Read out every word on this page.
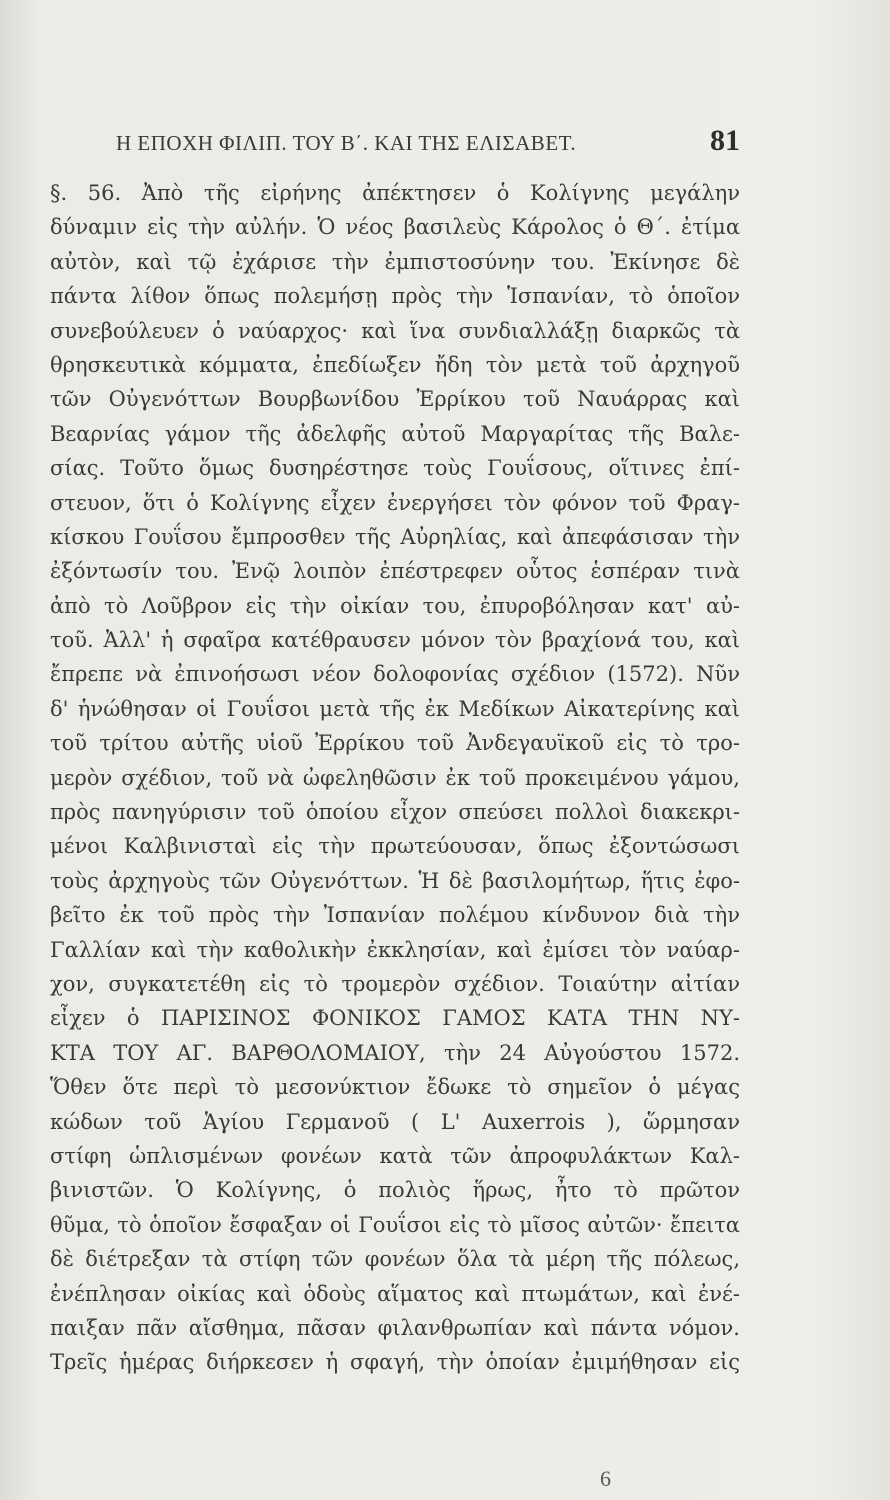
Η ΕΠΟΧΗ ΦΙΛΙΠ. ΤΟΥ Β΄. ΚΑΙ ΤΗΣ ΕΛΙΣΑΒΕΤ.	81
§. 56. Ἀπὸ τῆς εἰρήνης ἀπέκτησεν ὁ Κολίγνης μεγάλην
δύναμιν εἰς τὴν αὐλήν. Ὁ νέος βασιλεὺς Κάρολος ὁ Θ΄. ἐτίμα
αὐτὸν, καὶ τῷ ἐχάρισε τὴν ἐμπιστοσύνην του. Ἐκίνησε δὲ
πάντα λίθον ὅπως πολεμήσῃ πρὸς τὴν Ἱσπανίαν, τὸ ὁποῖον
συνεβούλευεν ὁ ναύαρχος· καὶ ἵνα συνδιαλλάξῃ διαρκῶς τὰ
θρησκευτικὰ κόμματα, ἐπεδίωξεν ἤδη τὸν μετὰ τοῦ ἀρχηγοῦ
τῶν Οὐγενόττων Βουρβωνίδου Ἐρρίκου τοῦ Ναυάρρας καὶ
Βεαρνίας γάμον τῆς ἀδελφῆς αὐτοῦ Μαργαρίτας τῆς Βαλε-
σίας. Τοῦτο ὅμως δυσηρέστησε τοὺς Γουΐσους, οἵτινες ἐπί-
στευον, ὅτι ὁ Κολίγνης εἶχεν ἐνεργήσει τὸν φόνον τοῦ Φραγ-
κίσκου Γουΐσου ἔμπροσθεν τῆς Αὐρηλίας, καὶ ἀπεφάσισαν τὴν
ἐξόντωσίν του. Ἐνῷ λοιπὸν ἐπέστρεφεν οὗτος ἑσπέραν τινὰ
ἀπὸ τὸ Λοῦβρον εἰς τὴν οἰκίαν του, ἐπυροβόλησαν κατ' αὐ-
τοῦ. Ἀλλ' ἡ σφαῖρα κατέθραυσεν μόνον τὸν βραχίονά του, καὶ
ἔπρεπε νὰ ἐπινοήσωσι νέον δολοφονίας σχέδιον (1572). Νῦν
δ' ἡνώθησαν οἱ Γουΐσοι μετὰ τῆς ἐκ Μεδίκων Αἰκατερίνης καὶ
τοῦ τρίτου αὐτῆς υἱοῦ Ἐρρίκου τοῦ Ἀνδεγαυϊκοῦ εἰς τὸ τρο-
μερὸν σχέδιον, τοῦ νὰ ὠφεληθῶσιν ἐκ τοῦ προκειμένου γάμου,
πρὸς πανηγύρισιν τοῦ ὁποίου εἶχον σπεύσει πολλοὶ διακεκρι-
μένοι Καλβινισταὶ εἰς τὴν πρωτεύουσαν, ὅπως ἐξοντώσωσι
τοὺς ἀρχηγοὺς τῶν Οὐγενόττων. Ἡ δὲ βασιλομήτωρ, ἥτις ἐφο-
βεῖτο ἐκ τοῦ πρὸς τὴν Ἰσπανίαν πολέμου κίνδυνον διὰ τὴν
Γαλλίαν καὶ τὴν καθολικὴν ἐκκλησίαν, καὶ ἐμίσει τὸν ναύαρ-
χον, συγκατετέθη εἰς τὸ τρομερὸν σχέδιον. Τοιαύτην αἰτίαν
εἶχεν ὁ ΠΑΡΙΣΙΝΟΣ ΦΟΝΙΚΟΣ ΓΑΜΟΣ ΚΑΤΑ ΤΗΝ ΝΥ-
ΚΤΑ ΤΟΥ ΑΓ. ΒΑΡΘΟΛΟΜΑΙΟΥ, τὴν 24 Αὐγούστου 1572.
Ὅθεν ὅτε περὶ τὸ μεσονύκτιον ἔδωκε τὸ σημεῖον ὁ μέγας
κώδων τοῦ Ἁγίου Γερμανοῦ ( L' Auxerrois ), ὥρμησαν
στίφη ὡπλισμένων φονέων κατὰ τῶν ἀπροφυλάκτων Καλ-
βινιστῶν. Ὁ Κολίγνης, ὁ πολιὸς ἥρως, ἦτο τὸ πρῶτον
θῦμα, τὸ ὁποῖον ἔσφαξαν οἱ Γουΐσοι εἰς τὸ μῖσος αὐτῶν· ἔπειτα
δὲ διέτρεξαν τὰ στίφη τῶν φονέων ὅλα τὰ μέρη τῆς πόλεως,
ἐνέπλησαν οἰκίας καὶ ὁδοὺς αἵματος καὶ πτωμάτων, καὶ ἐνέ-
παιξαν πᾶν αἴσθημα, πᾶσαν φιλανθρωπίαν καὶ πάντα νόμον.
Τρεῖς ἡμέρας διήρκεσεν ἡ σφαγή, τὴν ὁποίαν ἐμιμήθησαν εἰς
6
